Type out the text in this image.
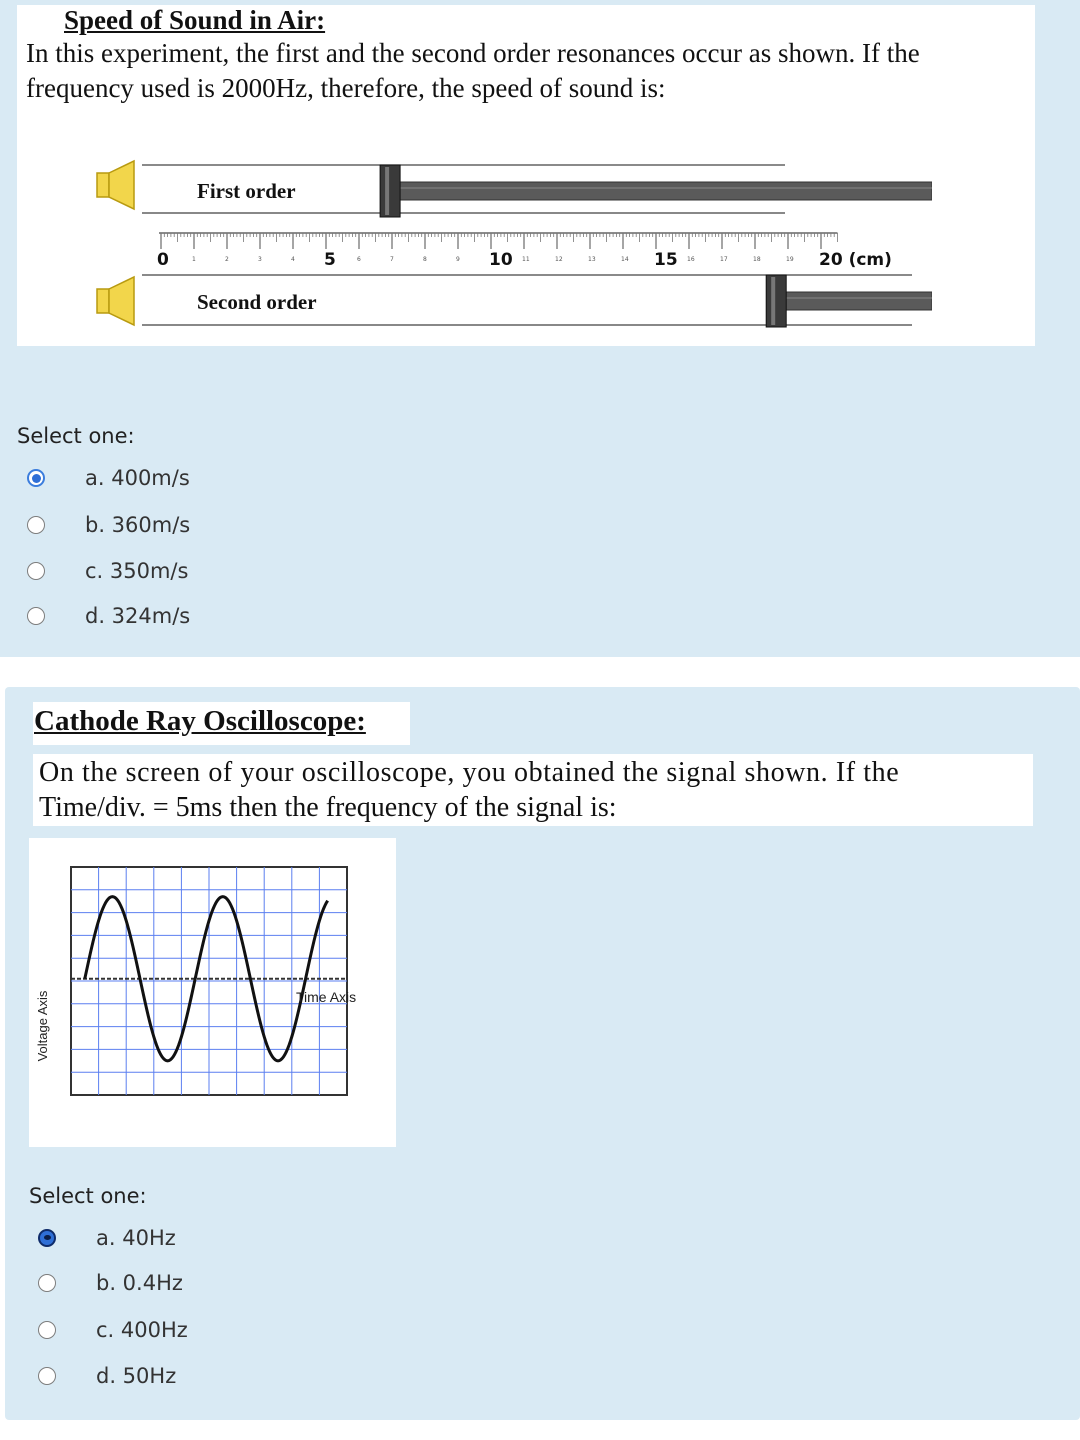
Speed of Sound in Air:
In this experiment, the first and the second order resonances occur as shown. If the
frequency used is 2000Hz, therefore, the speed of sound is:
First order
0	5	10	15	20 (cm)
1	2	3	4	6	7	8	9	11	12	13	14	16	17	18	19
Second order
Select one:
a. 400m/s
b. 360m/s
c. 350m/s
d. 324m/s
Cathode Ray Oscilloscope:
On the screen of your oscilloscope, you obtained the signal shown. If the
Time/div. = 5ms then the frequency of the signal is:
Voltage Axis	Time Axis
Select one:
a. 40Hz
b. 0.4Hz
c. 400Hz
d. 50Hz
